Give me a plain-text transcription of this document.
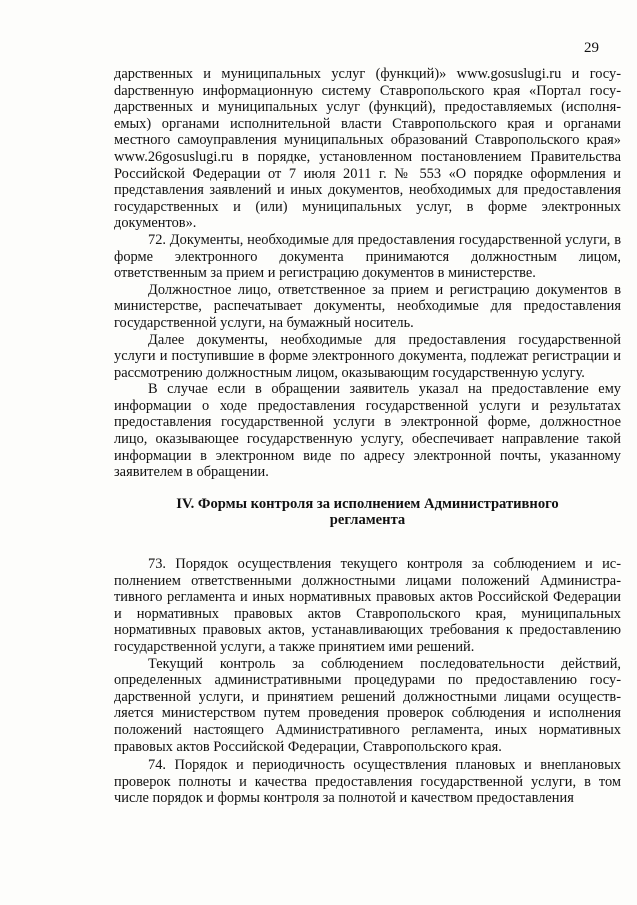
29

дарственных и муниципальных услуг (функций)» www.gosuslugi.ru и госуdарственную информационную систему Ставропольского края «Портал государственных и муниципальных услуг (функций), предоставляемых (исполняемых) органами исполнительной власти Ставропольского края и органами местного самоуправления муниципальных образований Ставропольского края» www.26gosuslugi.ru в порядке, установленном постановлением Правительства Российской Федерации от 7 июля 2011 г. № 553 «О порядке оформления и представления заявлений и иных документов, необходимых для предоставления государственных и (или) муниципальных услуг, в форме электронных документов».

72. Документы, необходимые для предоставления государственной услуги, в форме электронного документа принимаются должностным лицом, ответственным за прием и регистрацию документов в министерстве.

Должностное лицо, ответственное за прием и регистрацию документов в министерстве, распечатывает документы, необходимые для предоставления государственной услуги, на бумажный носитель.

Далее документы, необходимые для предоставления государственной услуги и поступившие в форме электронного документа, подлежат регистрации и рассмотрению должностным лицом, оказывающим государственную услугу.

В случае если в обращении заявитель указал на предоставление ему информации о ходе предоставления государственной услуги и результатах предоставления государственной услуги в электронной форме, должностное лицо, оказывающее государственную услугу, обеспечивает направление такой информации в электронном виде по адресу электронной почты, указанному заявителем в обращении.

IV. Формы контроля за исполнением Административного
регламента

73. Порядок осуществления текущего контроля за соблюдением и исполнением ответственными должностными лицами положений Административного регламента и иных нормативных правовых актов Российской Федерации и нормативных правовых актов Ставропольского края, муниципальных нормативных правовых актов, устанавливающих требования к предоставлению государственной услуги, а также принятием ими решений.

Текущий контроль за соблюдением последовательности действий, определенных административными процедурами по предоставлению государственной услуги, и принятием решений должностными лицами осуществляется министерством путем проведения проверок соблюдения и исполнения положений настоящего Административного регламента, иных нормативных правовых актов Российской Федерации, Ставропольского края.

74. Порядок и периодичность осуществления плановых и внеплановых проверок полноты и качества предоставления государственной услуги, в том числе порядок и формы контроля за полнотой и качеством предоставления
